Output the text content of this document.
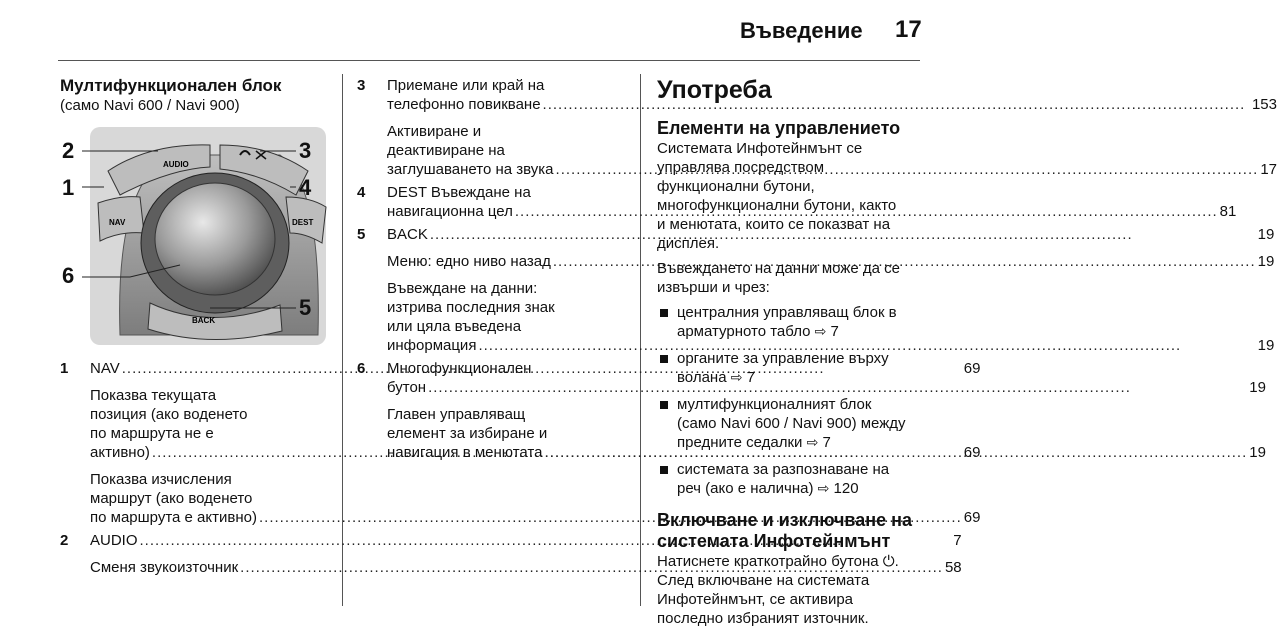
Въведение 17
Мултифункционален блок
(само Navi 600 / Navi 900)
AUDIO
NAV	DEST
BACK
2
1
3
4
5
6
1	NAV .....	69
Показва текущата
позиция (ако воденето
по маршрута не е
активно) .....	69
Показва изчисления
маршрут (ако воденето
по маршрута е активно) .....	69
2	AUDIO .....	7
Сменя звукоизточник .....	58
3	Приемане или край на
телефонно повикване .....	153
Активиране и
деактивиране на
заглушаването на звука .....	17
4	DEST Въвеждане на
навигационна цел .....	81
5	BACK .....	19
Меню: едно ниво назад .....	19
Въвеждане на данни:
изтрива последния знак
или цяла въведена
информация .....	19
6	Многофункционален
бутон .....	19
Главен управляващ
елемент за избиране и
навигация в менютата .....	19
Употреба
Елементи на управлението
Системата Инфотейнмънт се
управлява посредством
функционални бутони,
многофункционални бутони, както
и менютата, които се показват на
дисплея.
Въвеждането на данни може да се
извърши и чрез:
централния управляващ блок в
арматурното табло ⇨ 7
органите за управление върху
волана ⇨ 7
мултифункционалният блок
(само Navi 600 / Navi 900) между
предните седалки ⇨ 7
системата за разпознаване на
реч (ако е налична) ⇨ 120
Включване и изключване на
системата Инфотейнмънт
Натиснете краткотрайно бутона ⏻.
След включване на системата
Инфотейнмънт, се активира
последно избраният източник.
